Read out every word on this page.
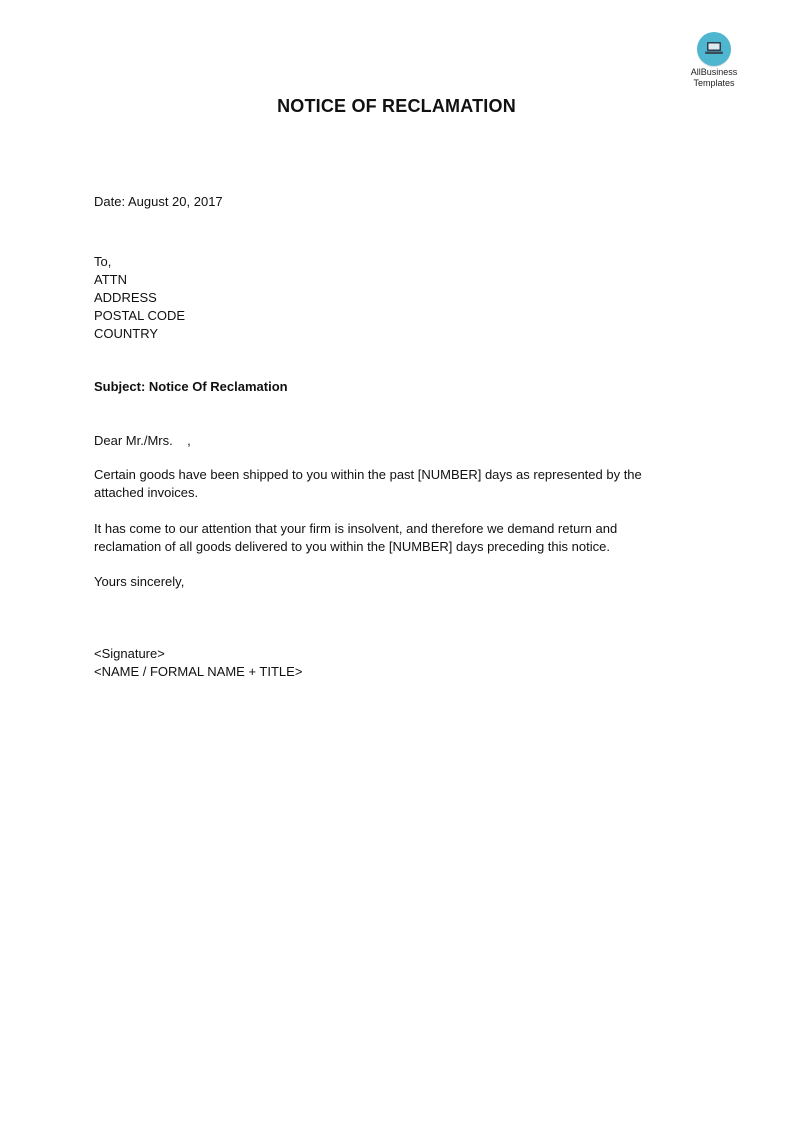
AllBusiness
Templates
NOTICE OF RECLAMATION

Date: August 20, 2017

To,

ATTN

ADDRESS

POSTAL CODE

COUNTRY

Subject: Notice Of Reclamation

Dear Mr./Mrs.    ,

Certain goods have been shipped to you within the past [NUMBER] days as represented by the

attached invoices.

It has come to our attention that your firm is insolvent, and therefore we demand return and

reclamation of all goods delivered to you within the [NUMBER] days preceding this notice.

Yours sincerely,

<Signature>

<NAME / FORMAL NAME + TITLE>
